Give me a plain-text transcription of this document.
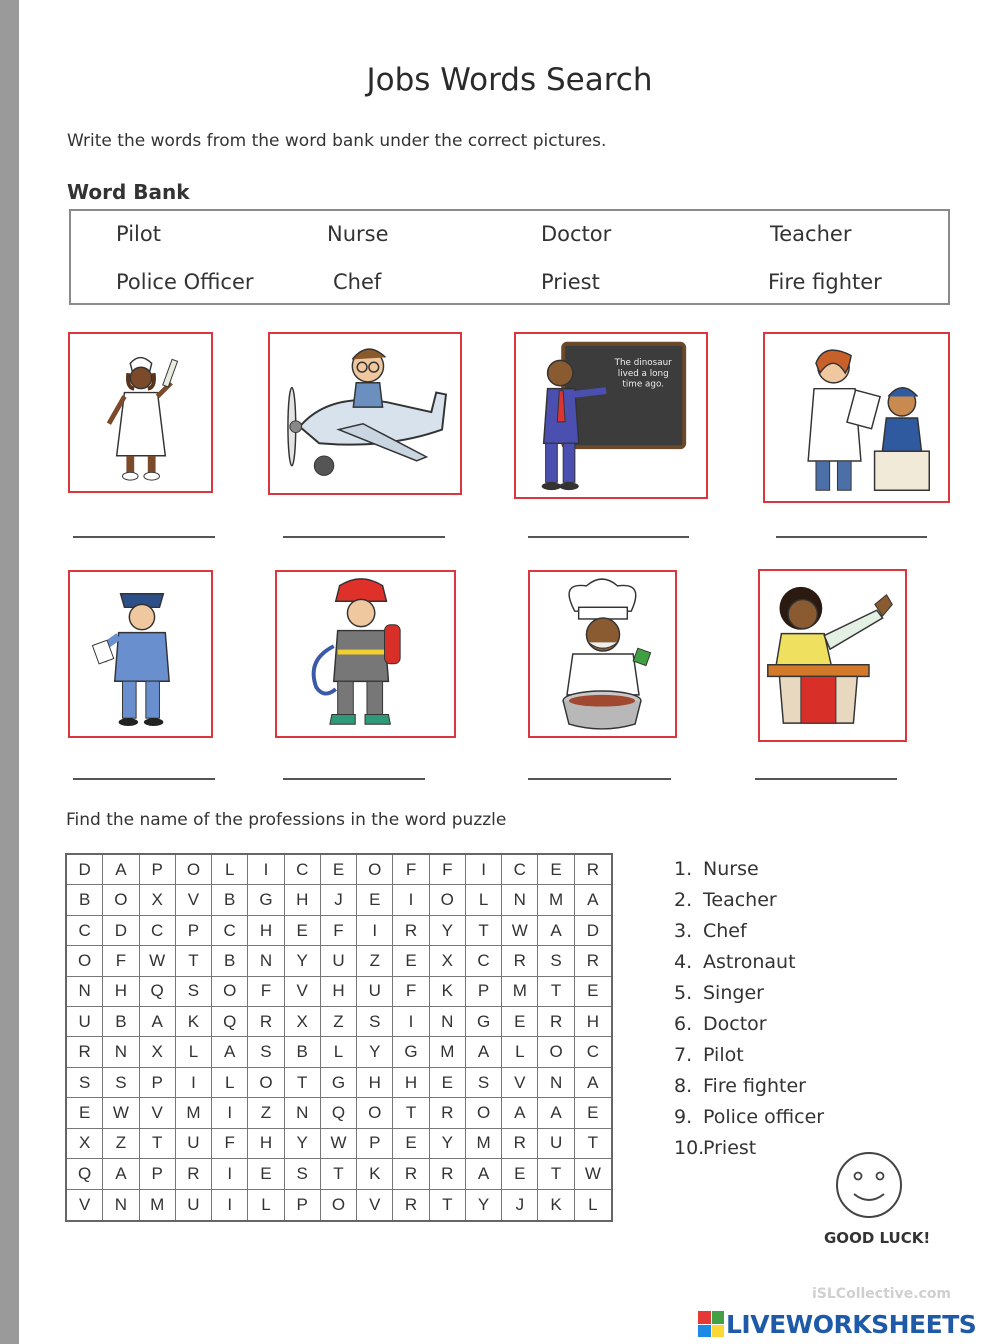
Jobs Words Search
Write the words from the word bank under the correct pictures.
Word Bank
Pilot	Nurse	Doctor	Teacher
Police Officer	Chef	Priest	Fire fighter
The dinosaur
lived a long
time ago.
Find the name of the professions in the word puzzle
D	A	P	O	L	I	C	E	O	F	F	I	C	E	R
B	O	X	V	B	G	H	J	E	I	O	L	N	M	A
C	D	C	P	C	H	E	F	I	R	Y	T	W	A	D
O	F	W	T	B	N	Y	U	Z	E	X	C	R	S	R
N	H	Q	S	O	F	V	H	U	F	K	P	M	T	E
U	B	A	K	Q	R	X	Z	S	I	N	G	E	R	H
R	N	X	L	A	S	B	L	Y	G	M	A	L	O	C
S	S	P	I	L	O	T	G	H	H	E	S	V	N	A
E	W	V	M	I	Z	N	Q	O	T	R	O	A	A	E
X	Z	T	U	F	H	Y	W	P	E	Y	M	R	U	T
Q	A	P	R	I	E	S	T	K	R	R	A	E	T	W
V	N	M	U	I	L	P	O	V	R	T	Y	J	K	L
1. Nurse
2. Teacher
3. Chef
4. Astronaut
5. Singer
6. Doctor
7. Pilot
8. Fire fighter
9. Police officer
10.
Priest
GOOD LUCK!
iSLCollective.com
LIVEWORKSHEETS
